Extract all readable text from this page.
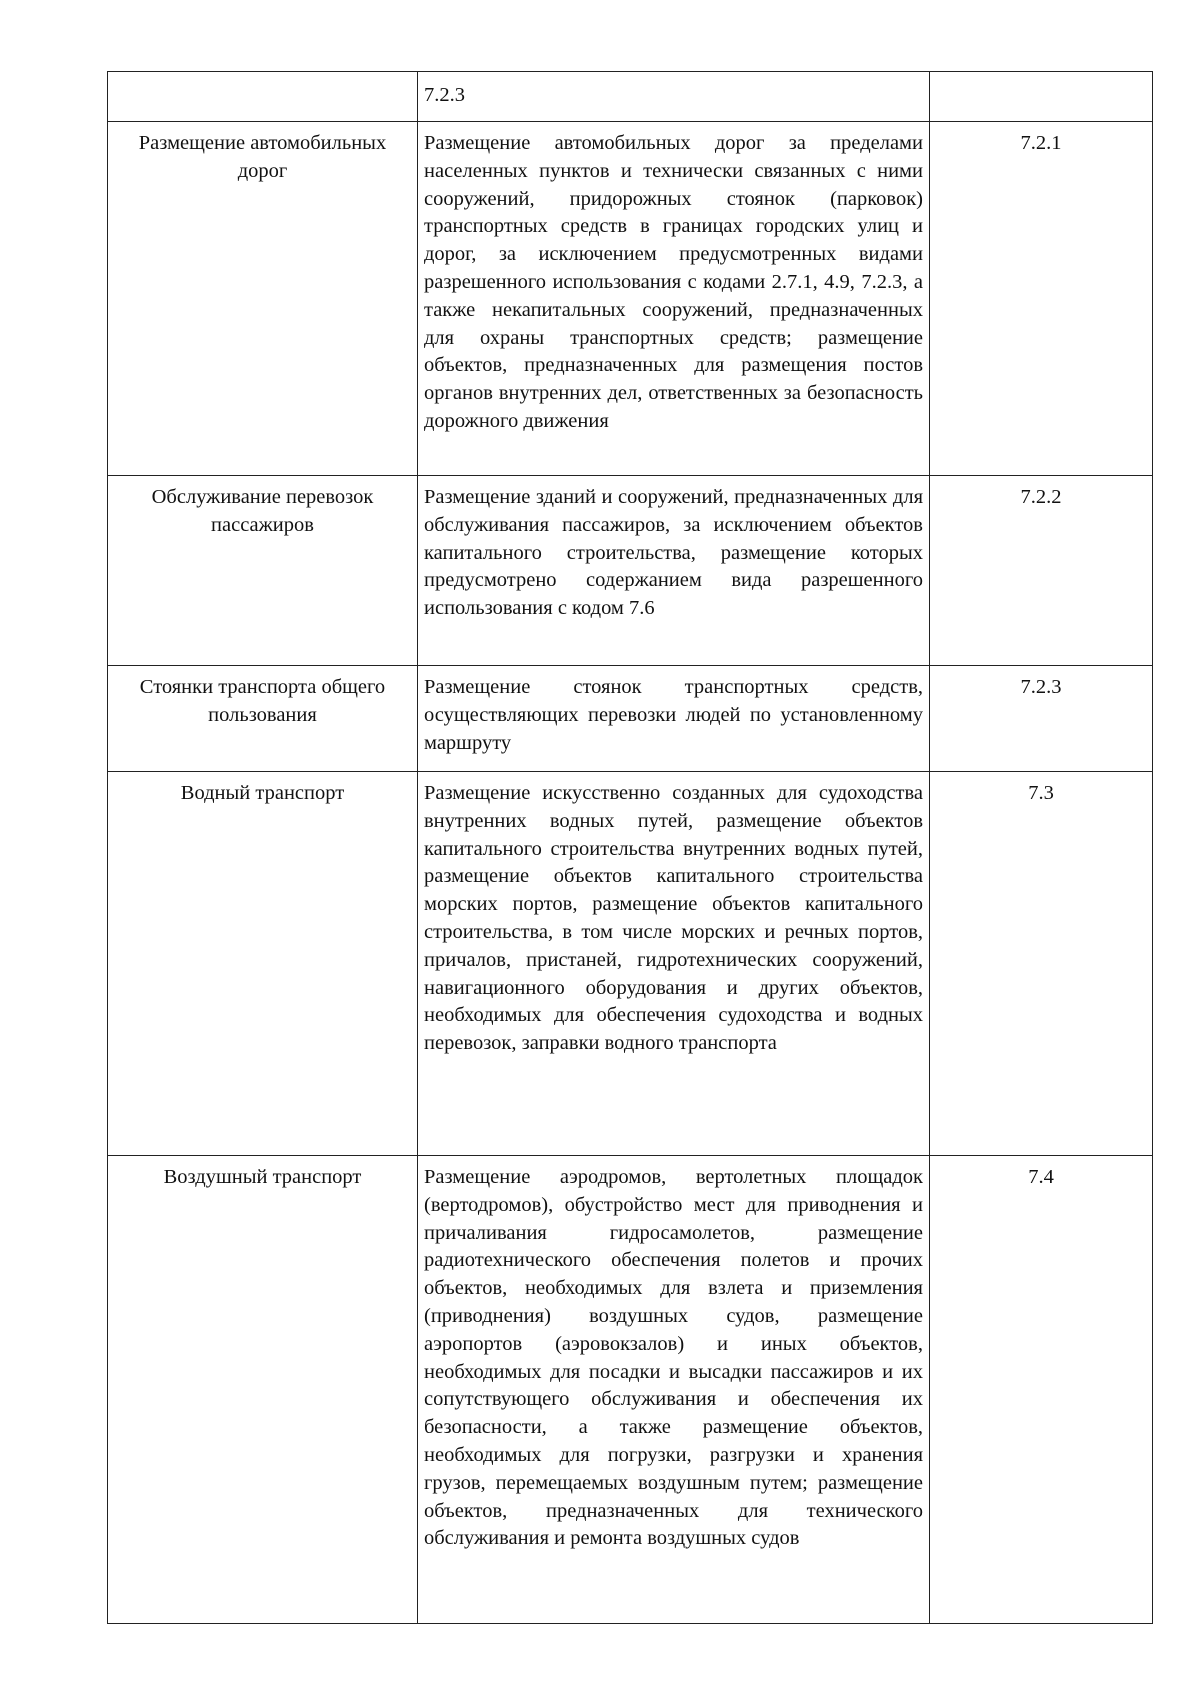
	7.2.3	
Размещение автомобильных дорог	Размещение автомобильных дорог за пределами населенных пунктов и технически связанных с ними сооружений, придорожных стоянок (парковок) транспортных средств в границах городских улиц и дорог, за исключением предусмотренных видами разрешенного использования с кодами 2.7.1, 4.9, 7.2.3, а также некапитальных сооружений, предназначенных для охраны транспортных средств; размещение объектов, предназначенных для размещения постов органов внутренних дел, ответственных за безопасность дорожного движения	7.2.1
Обслуживание перевозок пассажиров	Размещение зданий и сооружений, предназначенных для обслуживания пассажиров, за исключением объектов капитального строительства, размещение которых предусмотрено содержанием вида разрешенного использования с кодом 7.6	7.2.2
Стоянки транспорта общего пользования	Размещение стоянок транспортных средств, осуществляющих перевозки людей по установленному маршруту	7.2.3
Водный транспорт	Размещение искусственно созданных для судоходства внутренних водных путей, размещение объектов капитального строительства внутренних водных путей, размещение объектов капитального строительства морских портов, размещение объектов капитального строительства, в том числе морских и речных портов, причалов, пристаней, гидротехнических сооружений, навигационного оборудования и других объектов, необходимых для обеспечения судоходства и водных перевозок, заправки водного транспорта	7.3
Воздушный транспорт	Размещение аэродромов, вертолетных площадок (вертодромов), обустройство мест для приводнения и причаливания гидросамолетов, размещение радиотехнического обеспечения полетов и прочих объектов, необходимых для взлета и приземления (приводнения) воздушных судов, размещение аэропортов (аэровокзалов) и иных объектов, необходимых для посадки и высадки пассажиров и их сопутствующего обслуживания и обеспечения их безопасности, а также размещение объектов, необходимых для погрузки, разгрузки и хранения грузов, перемещаемых воздушным путем; размещение объектов, предназначенных для технического обслуживания и ремонта воздушных судов	7.4
